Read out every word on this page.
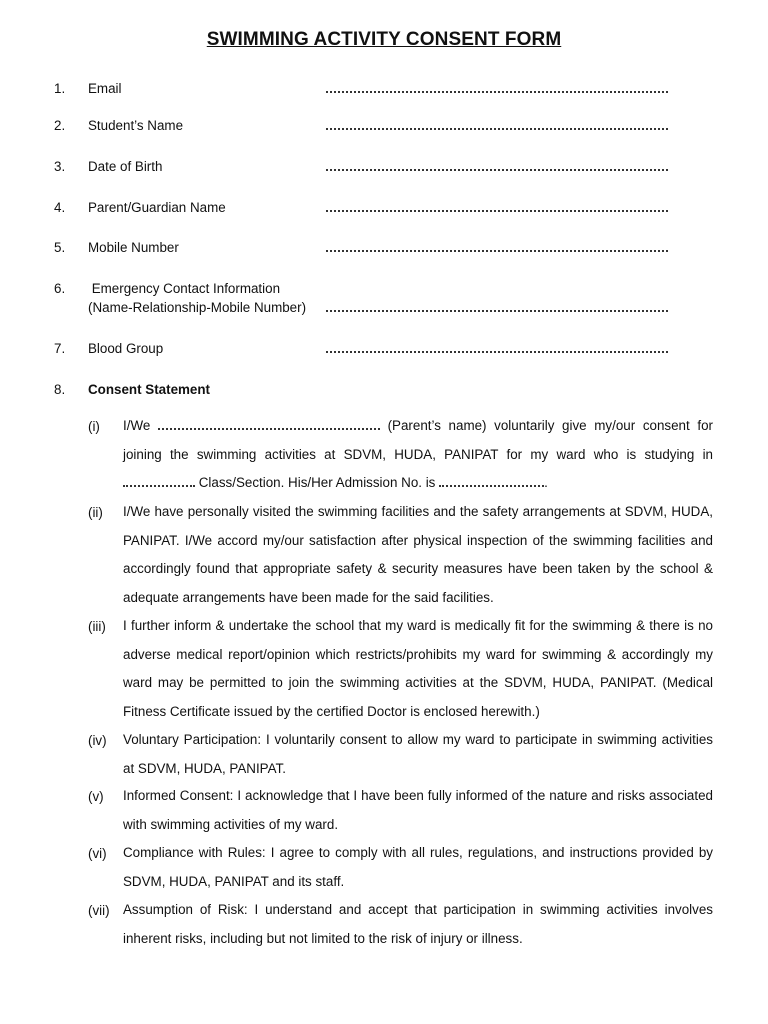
SWIMMING ACTIVITY CONSENT FORM
1. Email
2. Student’s Name
3. Date of Birth
4. Parent/Guardian Name
5. Mobile Number
6. Emergency Contact Information
(Name-Relationship-Mobile Number)
7. Blood Group
8. Consent Statement
(i) I/We	(Parent’s name) voluntarily give my/our consent for joining the swimming activities at SDVM, HUDA, PANIPAT for my ward who is studying in  Class/Section. His/Her Admission No. is	.
(ii) I/We have personally visited the swimming facilities and the safety arrangements at SDVM, HUDA, PANIPAT. I/We accord my/our satisfaction after physical inspection of the swimming facilities and accordingly found that appropriate safety & security measures have been taken by the school & adequate arrangements have been made for the said facilities.
(iii) I further inform & undertake the school that my ward is medically fit for the swimming & there is no adverse medical report/opinion which restricts/prohibits my ward for swimming & accordingly my ward may be permitted to join the swimming activities at the SDVM, HUDA, PANIPAT. (Medical Fitness Certificate issued by the certified Doctor is enclosed herewith.)
(iv) Voluntary Participation: I voluntarily consent to allow my ward to participate in swimming activities at SDVM, HUDA, PANIPAT.
(v) Informed Consent: I acknowledge that I have been fully informed of the nature and risks associated with swimming activities of my ward.
(vi) Compliance with Rules: I agree to comply with all rules, regulations, and instructions provided by SDVM, HUDA, PANIPAT and its staff.
(vii) Assumption of Risk: I understand and accept that participation in swimming activities involves inherent risks, including but not limited to the risk of injury or illness.
